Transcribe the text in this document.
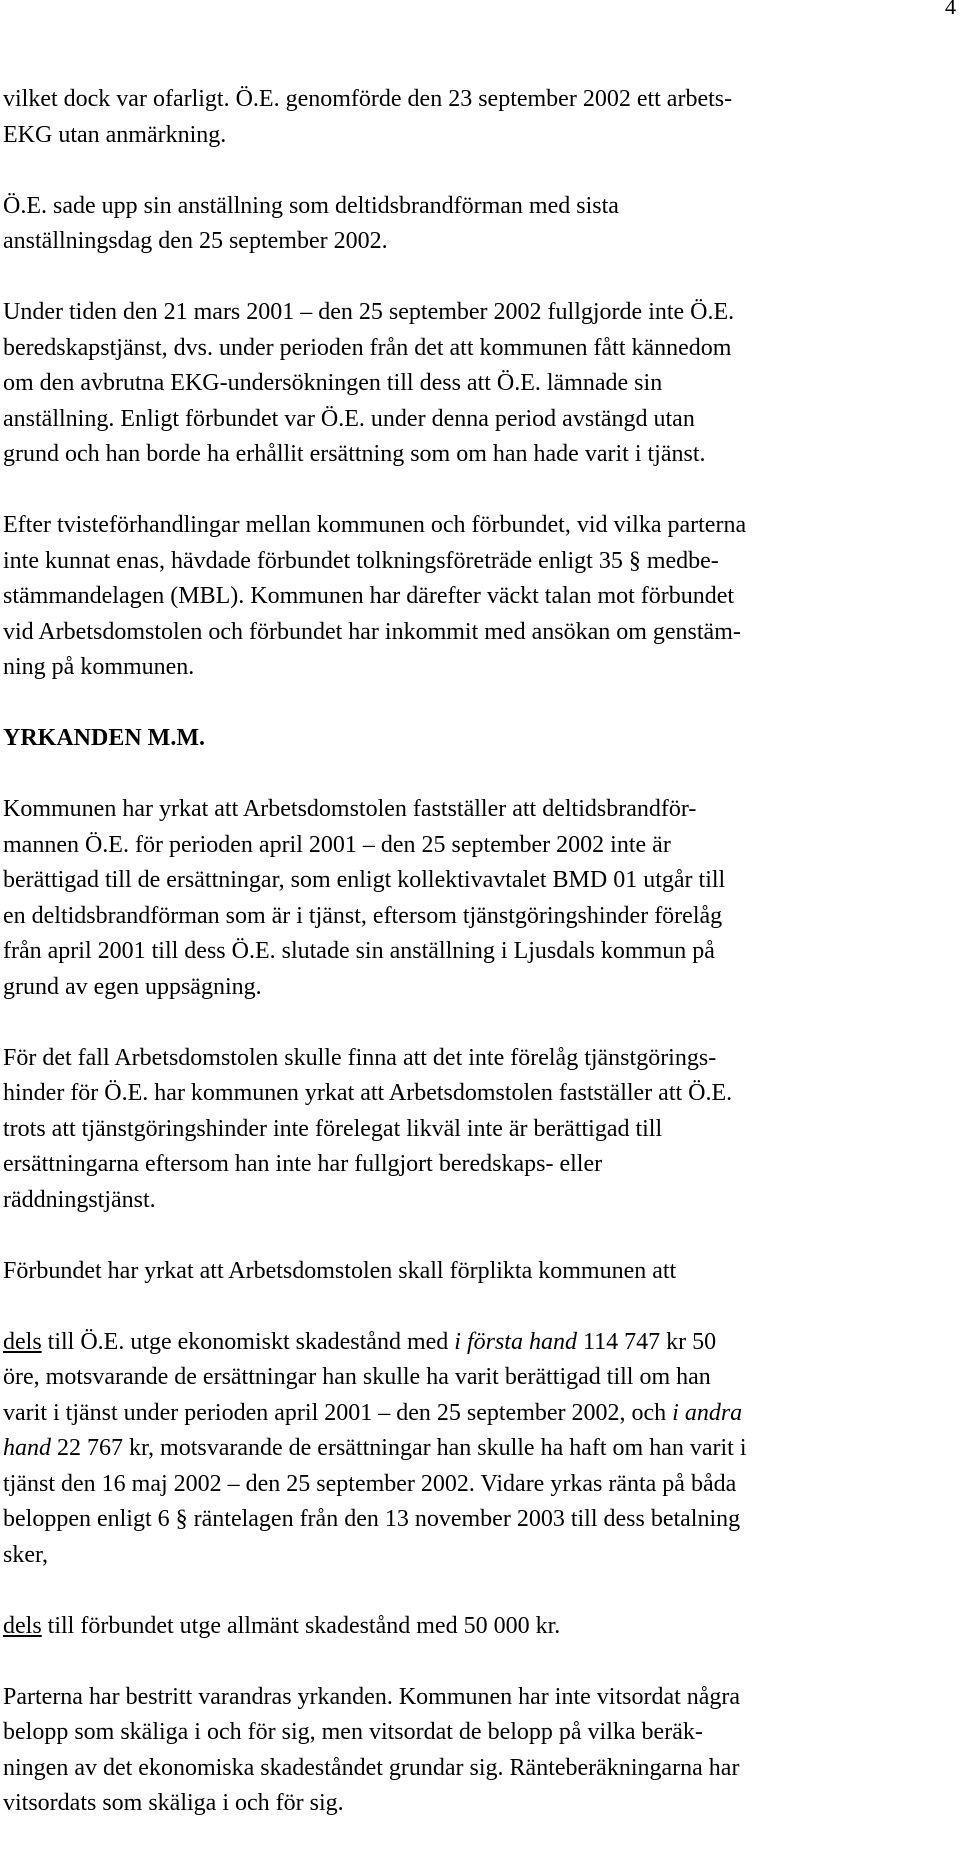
4

vilket dock var ofarligt. Ö.E. genomförde den 23 september 2002 ett arbets-
EKG utan anmärkning.

Ö.E. sade upp sin anställning som deltidsbrandförman med sista
anställningsdag den 25 september 2002.

Under tiden den 21 mars 2001 – den 25 september 2002 fullgjorde inte Ö.E.
beredskapstjänst, dvs. under perioden från det att kommunen fått kännedom
om den avbrutna EKG-undersökningen till dess att Ö.E. lämnade sin
anställning. Enligt förbundet var Ö.E. under denna period avstängd utan
grund och han borde ha erhållit ersättning som om han hade varit i tjänst.

Efter tvisteförhandlingar mellan kommunen och förbundet, vid vilka parterna
inte kunnat enas, hävdade förbundet tolkningsföreträde enligt 35 § medbe-
stämmandelagen (MBL). Kommunen har därefter väckt talan mot förbundet
vid Arbetsdomstolen och förbundet har inkommit med ansökan om genstäm-
ning på kommunen.

YRKANDEN M.M.

Kommunen har yrkat att Arbetsdomstolen fastställer att deltidsbrandför-
mannen Ö.E. för perioden april 2001 – den 25 september 2002 inte är
berättigad till de ersättningar, som enligt kollektivavtalet BMD 01 utgår till
en deltidsbrandförman som är i tjänst, eftersom tjänstgöringshinder förelåg
från april 2001 till dess Ö.E. slutade sin anställning i Ljusdals kommun på
grund av egen uppsägning.

För det fall Arbetsdomstolen skulle finna att det inte förelåg tjänstgörings-
hinder för Ö.E. har kommunen yrkat att Arbetsdomstolen fastställer att Ö.E.
trots att tjänstgöringshinder inte förelegat likväl inte är berättigad till
ersättningarna eftersom han inte har fullgjort beredskaps- eller
räddningstjänst.

Förbundet har yrkat att Arbetsdomstolen skall förplikta kommunen att

dels till Ö.E. utge ekonomiskt skadestånd med i första hand 114 747 kr 50
öre, motsvarande de ersättningar han skulle ha varit berättigad till om han
varit i tjänst under perioden april 2001 – den 25 september 2002, och i andra
hand 22 767 kr, motsvarande de ersättningar han skulle ha haft om han varit i
tjänst den 16 maj 2002 – den 25 september 2002. Vidare yrkas ränta på båda
beloppen enligt 6 § räntelagen från den 13 november 2003 till dess betalning
sker,

dels till förbundet utge allmänt skadestånd med 50 000 kr.

Parterna har bestritt varandras yrkanden. Kommunen har inte vitsordat några
belopp som skäliga i och för sig, men vitsordat de belopp på vilka beräk-
ningen av det ekonomiska skadeståndet grundar sig. Ränteberäkningarna har
vitsordats som skäliga i och för sig.
